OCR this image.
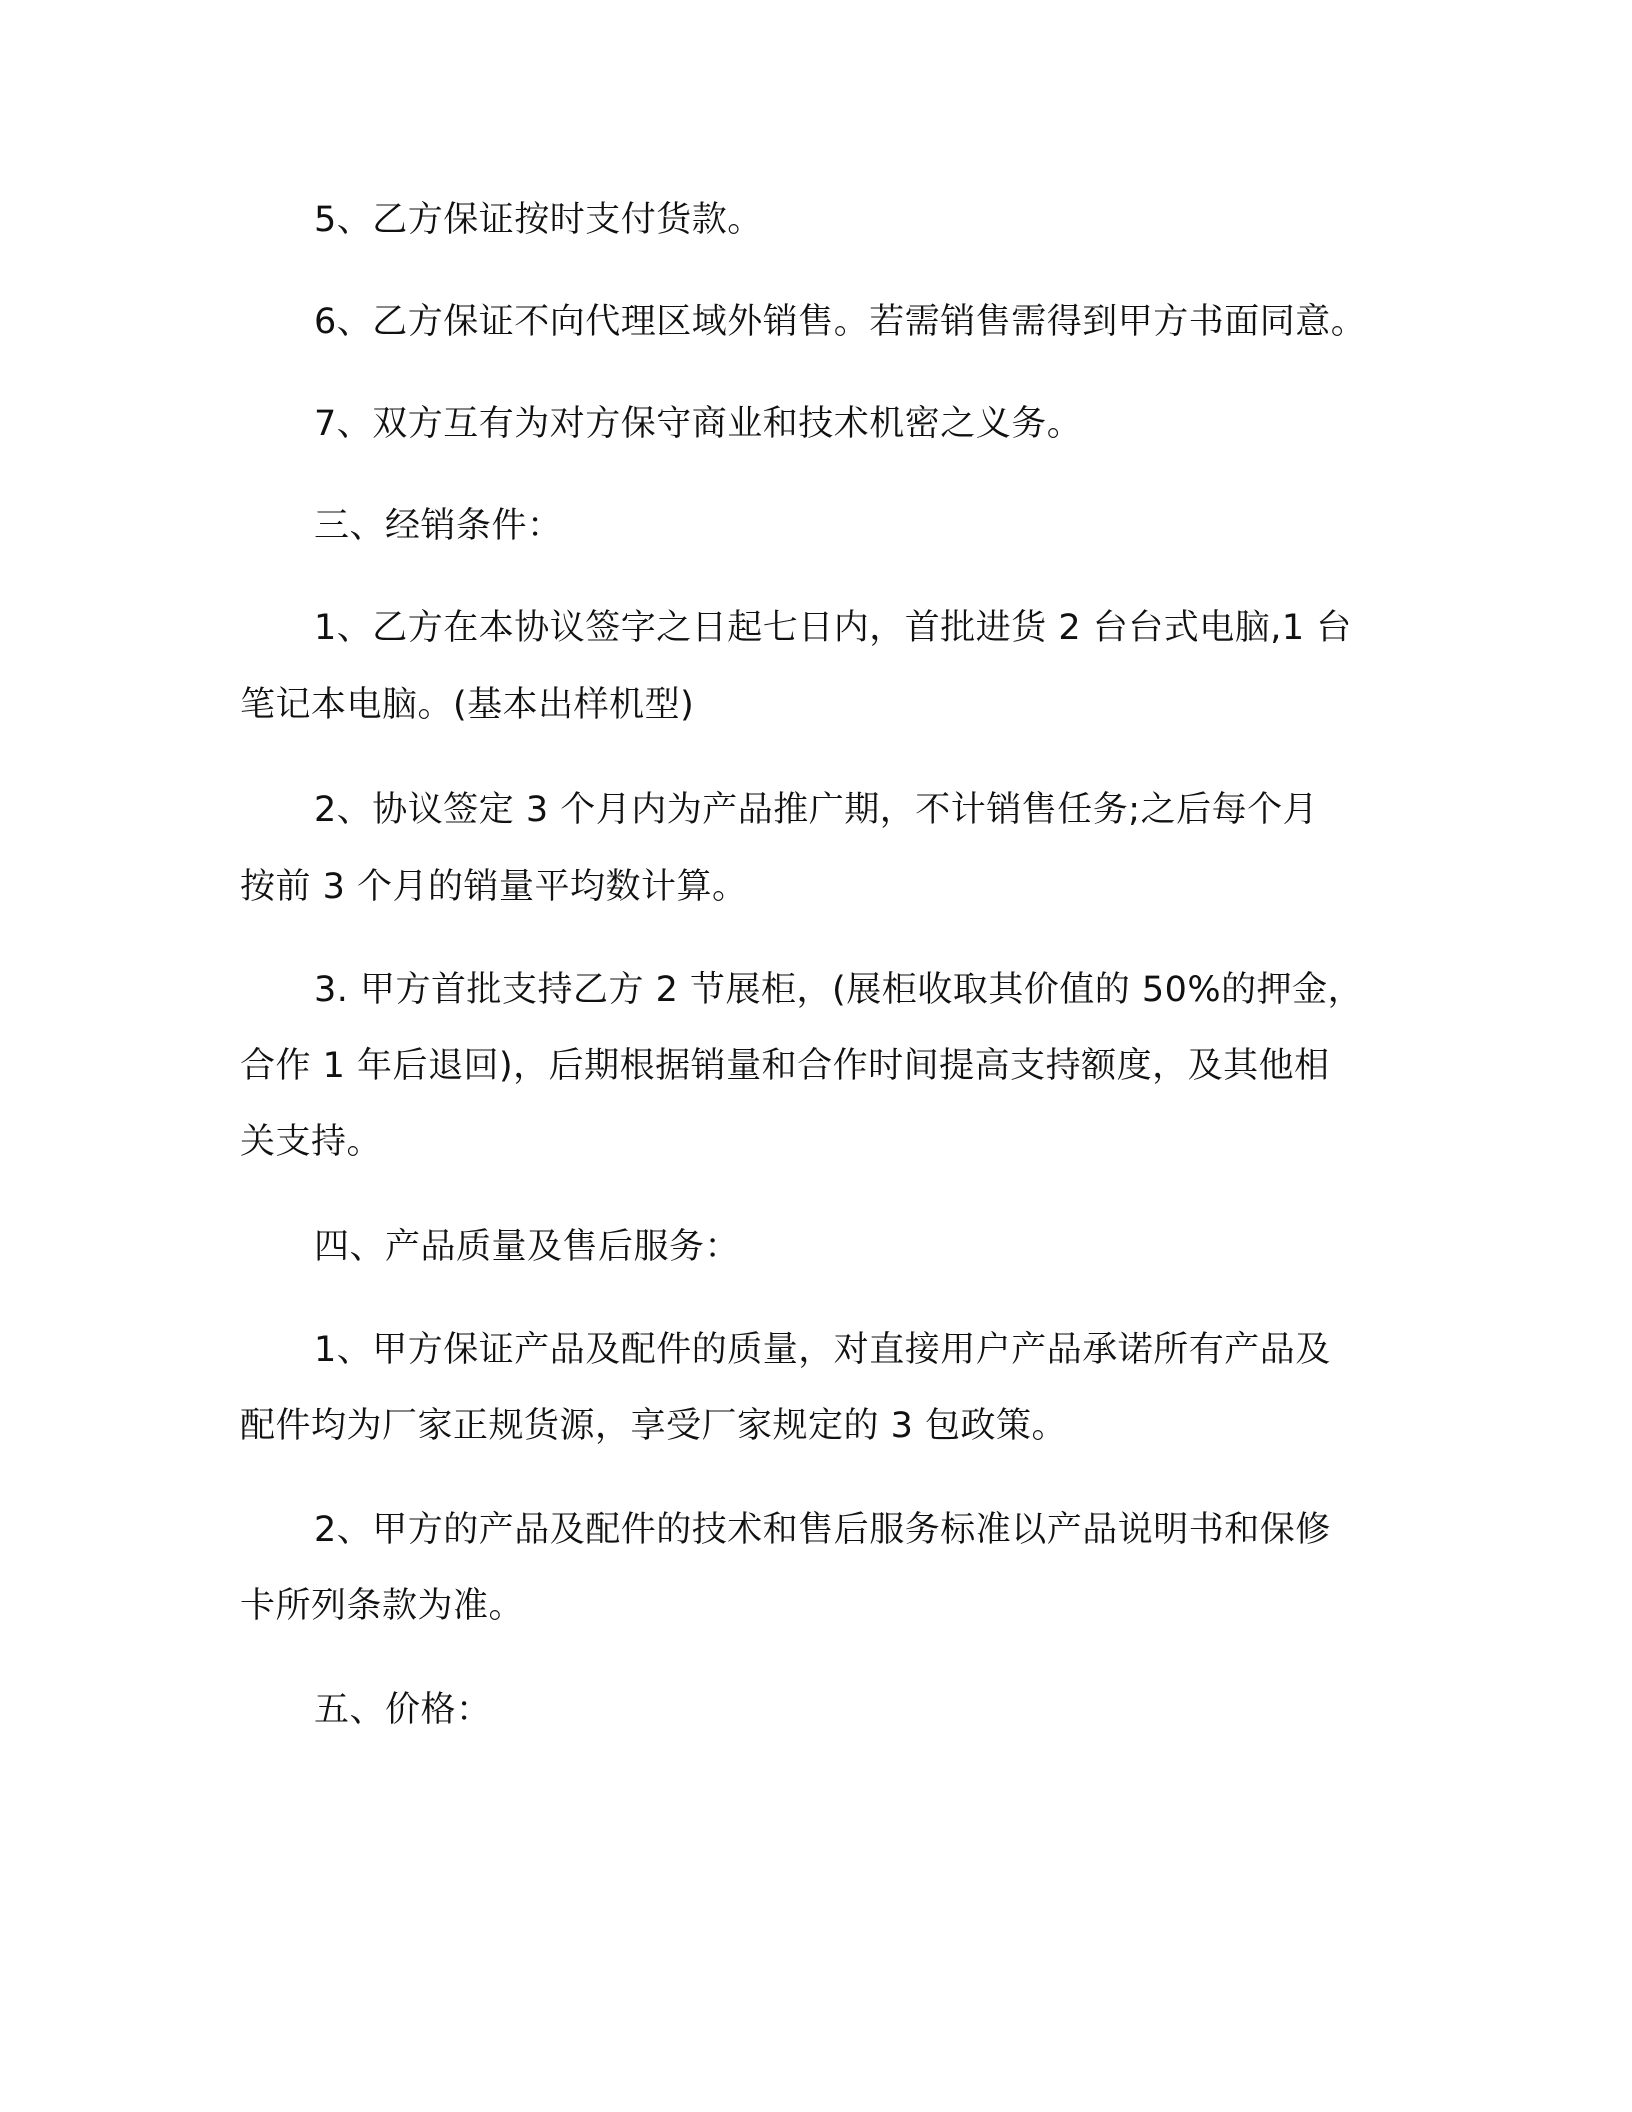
5、乙方保证按时支付货款。

6、乙方保证不向代理区域外销售。若需销售需得到甲方书面同意。

7、双方互有为对方保守商业和技术机密之义务。

三、经销条件：

1、乙方在本协议签字之日起七日内，首批进货 2 台台式电脑,1 台

笔记本电脑。(基本出样机型)

2、协议签定 3 个月内为产品推广期，不计销售任务;之后每个月

按前 3 个月的销量平均数计算。

3. 甲方首批支持乙方 2 节展柜，(展柜收取其价值的 50%的押金，

合作 1 年后退回)，后期根据销量和合作时间提高支持额度，及其他相

关支持。

四、产品质量及售后服务：

1、甲方保证产品及配件的质量，对直接用户产品承诺所有产品及

配件均为厂家正规货源，享受厂家规定的 3 包政策。

2、甲方的产品及配件的技术和售后服务标准以产品说明书和保修

卡所列条款为准。

五、价格：
